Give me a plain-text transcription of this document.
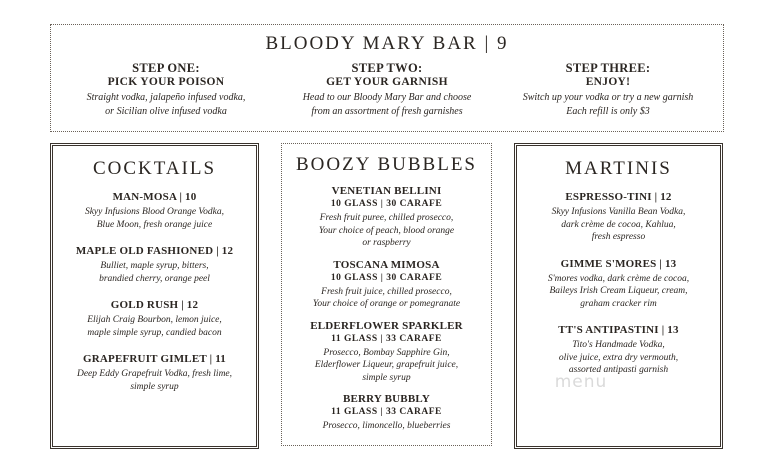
BLOODY MARY BAR | 9
STEP ONE:
PICK YOUR POISON
Straight vodka, jalapeño infused vodka,
or Sicilian olive infused vodka
STEP TWO:
GET YOUR GARNISH
Head to our Bloody Mary Bar and choose
from an assortment of fresh garnishes
STEP THREE:
ENJOY!
Switch up your vodka or try a new garnish
Each refill is only $3
COCKTAILS
MAN-MOSA | 10
Skyy Infusions Blood Orange Vodka,
Blue Moon, fresh orange juice
MAPLE OLD FASHIONED | 12
Bulliet, maple syrup, bitters,
brandied cherry, orange peel
GOLD RUSH | 12
Elijah Craig Bourbon, lemon juice,
maple simple syrup, candied bacon
GRAPEFRUIT GIMLET | 11
Deep Eddy Grapefruit Vodka, fresh lime,
simple syrup
BOOZY BUBBLES
VENETIAN BELLINI
10 GLASS | 30 CARAFE
Fresh fruit puree, chilled prosecco,
Your choice of peach, blood orange
or raspberry
TOSCANA MIMOSA
10 GLASS | 30 CARAFE
Fresh fruit juice, chilled prosecco,
Your choice of orange or pomegranate
ELDERFLOWER SPARKLER
11 GLASS | 33 CARAFE
Prosecco, Bombay Sapphire Gin,
Elderflower Liqueur, grapefruit juice,
simple syrup
BERRY BUBBLY
11 GLASS | 33 CARAFE
Prosecco, limoncello, blueberries
MARTINIS
ESPRESSO-TINI | 12
Skyy Infusions Vanilla Bean Vodka,
dark crème de cocoa, Kahlua,
fresh espresso
GIMME S'MORES | 13
S'mores vodka, dark crème de cocoa,
Baileys Irish Cream Liqueur, cream,
graham cracker rim
TT'S ANTIPASTINI | 13
Tito's Handmade Vodka,
olive juice, extra dry vermouth,
assorted antipasti garnish
menu
